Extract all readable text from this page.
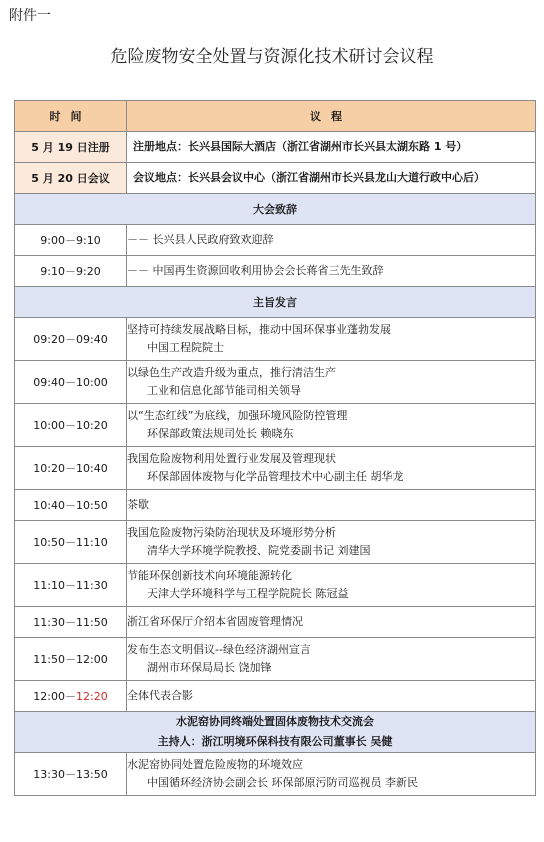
附件一
危险废物安全处置与资源化技术研讨会议程
时间	议程
5 月 19 日注册	注册地点：长兴县国际大酒店（浙江省湖州市长兴县太湖东路 1 号）
5 月 20 日会议	会议地点：长兴县会议中心（浙江省湖州市长兴县龙山大道行政中心后）
大会致辞	
9:00－9:10	－－ 长兴县人民政府致欢迎辞
9:10－9:20	－－ 中国再生资源回收利用协会会长蒋省三先生致辞
主旨发言	
09:20－09:40	坚持可持续发展战略目标，推动中国环保事业蓬勃发展
中国工程院院士

09:40－10:00	以绿色生产改造升级为重点，推行清洁生产
工业和信息化部节能司相关领导

10:00－10:20	以“生态红线”为底线，加强环境风险防控管理
环保部政策法规司处长 赖晓东

10:20－10:40	我国危险废物利用处置行业发展及管理现状
环保部固体废物与化学品管理技术中心副主任 胡华龙

10:40－10:50	茶歇
10:50－11:10	我国危险废物污染防治现状及环境形势分析
清华大学环境学院教授、院党委副书记 刘建国

11:10－11:30	节能环保创新技术向环境能源转化
天津大学环境科学与工程学院院长 陈冠益

11:30－11:50	浙江省环保厅介绍本省固废管理情况
11:50－12:00	发布生态文明倡议--绿色经济湖州宣言
湖州市环保局局长 饶加锋

12:00－12:20	全体代表合影

水泥窑协同终端处置固体废物技术交流会
主持人：浙江明境环保科技有限公司董事长 吴健	

13:30－13:50	水泥窑协同处置危险废物的环境效应
中国循环经济协会副会长 环保部原污防司巡视员 李新民
